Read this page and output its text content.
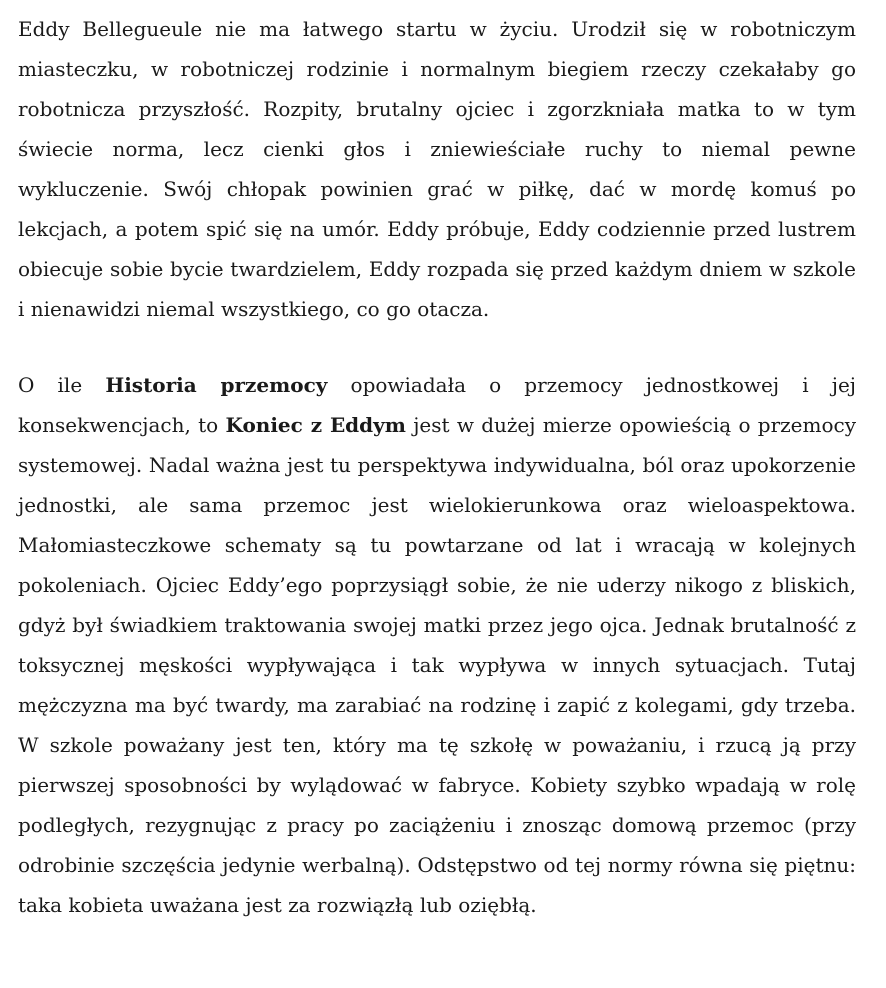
Eddy Bellegueule nie ma łatwego startu w życiu. Urodził się w robotniczym miasteczku, w robotniczej rodzinie i normalnym biegiem rzeczy czekałaby go robotnicza przyszłość. Rozpity, brutalny ojciec i zgorzkniała matka to w tym świecie norma, lecz cienki głos i zniewieściałe ruchy to niemal pewne wykluczenie. Swój chłopak powinien grać w piłkę, dać w mordę komuś po lekcjach, a potem spić się na umór. Eddy próbuje, Eddy codziennie przed lustrem obiecuje sobie bycie twardzielem, Eddy rozpada się przed każdym dniem w szkole i nienawidzi niemal wszystkiego, co go otacza.

O ile Historia przemocy opowiadała o przemocy jednostkowej i jej konsekwencjach, to Koniec z Eddym jest w dużej mierze opowieścią o przemocy systemowej. Nadal ważna jest tu perspektywa indywidualna, ból oraz upokorzenie jednostki, ale sama przemoc jest wielokierunkowa oraz wieloaspektowa. Małomiasteczkowe schematy są tu powtarzane od lat i wracają w kolejnych pokoleniach. Ojciec Eddy’ego poprzysiągł sobie, że nie uderzy nikogo z bliskich, gdyż był świadkiem traktowania swojej matki przez jego ojca. Jednak brutalność z toksycznej męskości wypływająca i tak wypływa w innych sytuacjach. Tutaj mężczyzna ma być twardy, ma zarabiać na rodzinę i zapić z kolegami, gdy trzeba. W szkole poważany jest ten, który ma tę szkołę w poważaniu, i rzucą ją przy pierwszej sposobności by wylądować w fabryce. Kobiety szybko wpadają w rolę podległych, rezygnując z pracy po zaciążeniu i znosząc domową przemoc (przy odrobinie szczęścia jedynie werbalną). Odstępstwo od tej normy równa się piętnu: taka kobieta uważana jest za rozwiązłą lub oziębłą.
